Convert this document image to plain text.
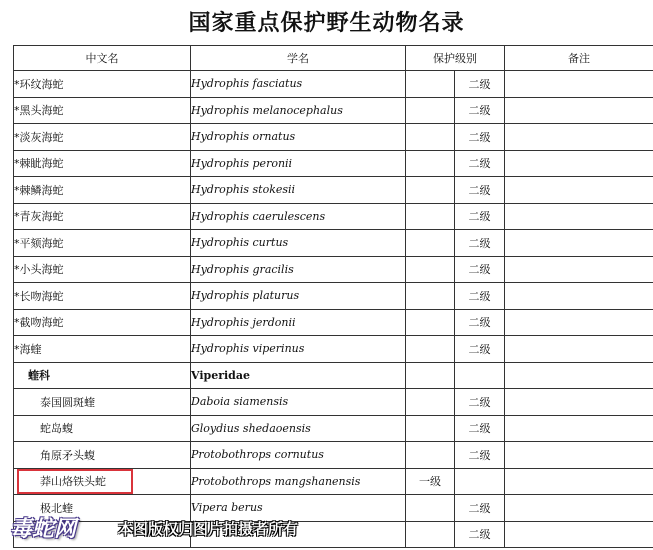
国家重点保护野生动物名录
中文名	学名	保护级别		备注
*环纹海蛇	Hydrophis fasciatus		二级	
*黑头海蛇	Hydrophis melanocephalus		二级	
*淡灰海蛇	Hydrophis ornatus		二级	
*棘眦海蛇	Hydrophis peronii		二级	
*棘鳞海蛇	Hydrophis stokesii		二级	
*青灰海蛇	Hydrophis caerulescens		二级	
*平颏海蛇	Hydrophis curtus		二级	
*小头海蛇	Hydrophis gracilis		二级	
*长吻海蛇	Hydrophis platurus		二级	
*截吻海蛇	Hydrophis jerdonii		二级	
*海蝰	Hydrophis viperinus		二级	
蝰科	Viperidae			
泰国圆斑蝰	Daboia siamensis		二级	
蛇岛蝮	Gloydius shedaoensis		二级	
角原矛头蝮	Protobothrops cornutus		二级	
莽山烙铁头蛇	Protobothrops mangshanensis	一级		
极北蝰	Vipera berus		二级	
			二级	
毒蛇网	本图版权归图片拍摄者所有
